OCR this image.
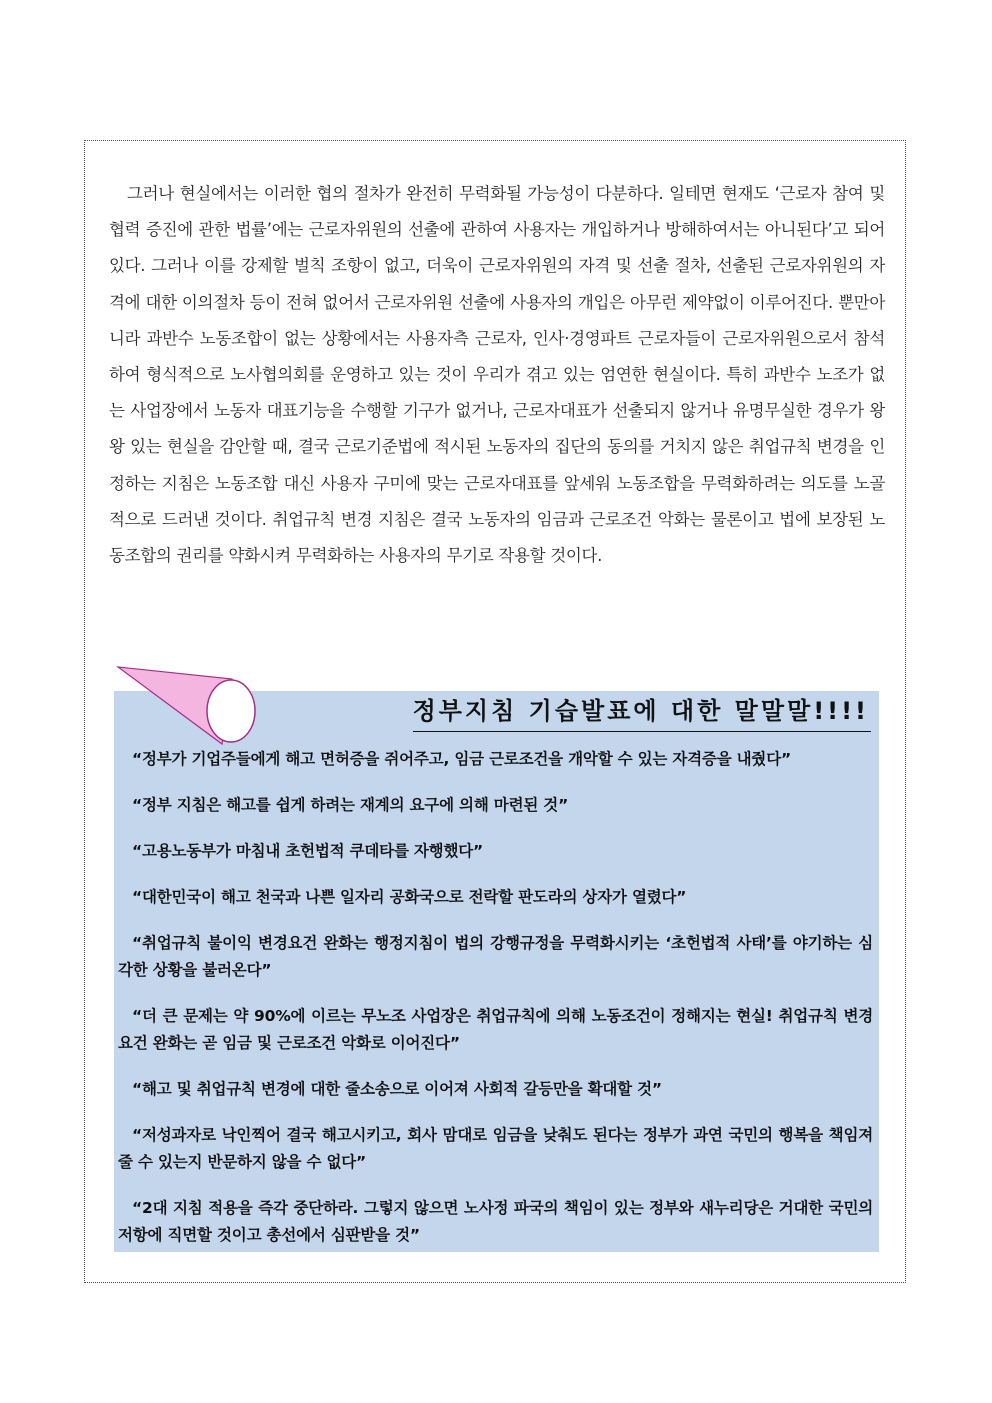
그러나 현실에서는 이러한 협의 절차가 완전히 무력화될 가능성이 다분하다. 일테면 현재도 ‘근로자 참여 및 협력 증진에 관한 법률’에는 근로자위원의 선출에 관하여 사용자는 개입하거나 방해하여서는 아니된다’고 되어 있다. 그러나 이를 강제할 벌칙 조항이 없고, 더욱이 근로자위원의 자격 및 선출 절차, 선출된 근로자위원의 자격에 대한 이의절차 등이 전혀 없어서 근로자위원 선출에 사용자의 개입은 아무런 제약없이 이루어진다. 뿐만아니라 과반수 노동조합이 없는 상황에서는 사용자측 근로자, 인사·경영파트 근로자들이 근로자위원으로서 참석하여 형식적으로 노사협의회를 운영하고 있는 것이 우리가 겪고 있는 엄연한 현실이다. 특히 과반수 노조가 없는 사업장에서 노동자 대표기능을 수행할 기구가 없거나, 근로자대표가 선출되지 않거나 유명무실한 경우가 왕왕 있는 현실을 감안할 때, 결국 근로기준법에 적시된 노동자의 집단의 동의를 거치지 않은 취업규칙 변경을 인정하는 지침은 노동조합 대신 사용자 구미에 맞는 근로자대표를 앞세워 노동조합을 무력화하려는 의도를 노골적으로 드러낸 것이다. 취업규칙 변경 지침은 결국 노동자의 임금과 근로조건 악화는 물론이고 법에 보장된 노동조합의 권리를 약화시켜 무력화하는 사용자의 무기로 작용할 것이다.

정부지침 기습발표에 대한 말말말!!!!
“정부가 기업주들에게 해고 면허증을 쥐어주고, 임금 근로조건을 개악할 수 있는 자격증을 내줬다”
“정부 지침은 해고를 쉽게 하려는 재계의 요구에 의해 마련된 것”
“고용노동부가 마침내 초헌법적 쿠데타를 자행했다”
“대한민국이 해고 천국과 나쁜 일자리 공화국으로 전락할 판도라의 상자가 열렸다”
“취업규칙 불이익 변경요건 완화는 행정지침이 법의 강행규정을 무력화시키는 ‘초헌법적 사태’를 야기하는 심각한 상황을 불러온다”
“더 큰 문제는 약 90%에 이르는 무노조 사업장은 취업규칙에 의해 노동조건이 정해지는 현실! 취업규칙 변경요건 완화는 곧 임금 및 근로조건 악화로 이어진다”
“해고 및 취업규칙 변경에 대한 줄소송으로 이어져 사회적 갈등만을 확대할 것”
“저성과자로 낙인찍어 결국 해고시키고, 회사 맘대로 임금을 낮춰도 된다는 정부가 과연 국민의 행복을 책임져줄 수 있는지 반문하지 않을 수 없다”
“2대 지침 적용을 즉각 중단하라. 그렇지 않으면 노사정 파국의 책임이 있는 정부와 새누리당은 거대한 국민의 저항에 직면할 것이고 총선에서 심판받을 것”
